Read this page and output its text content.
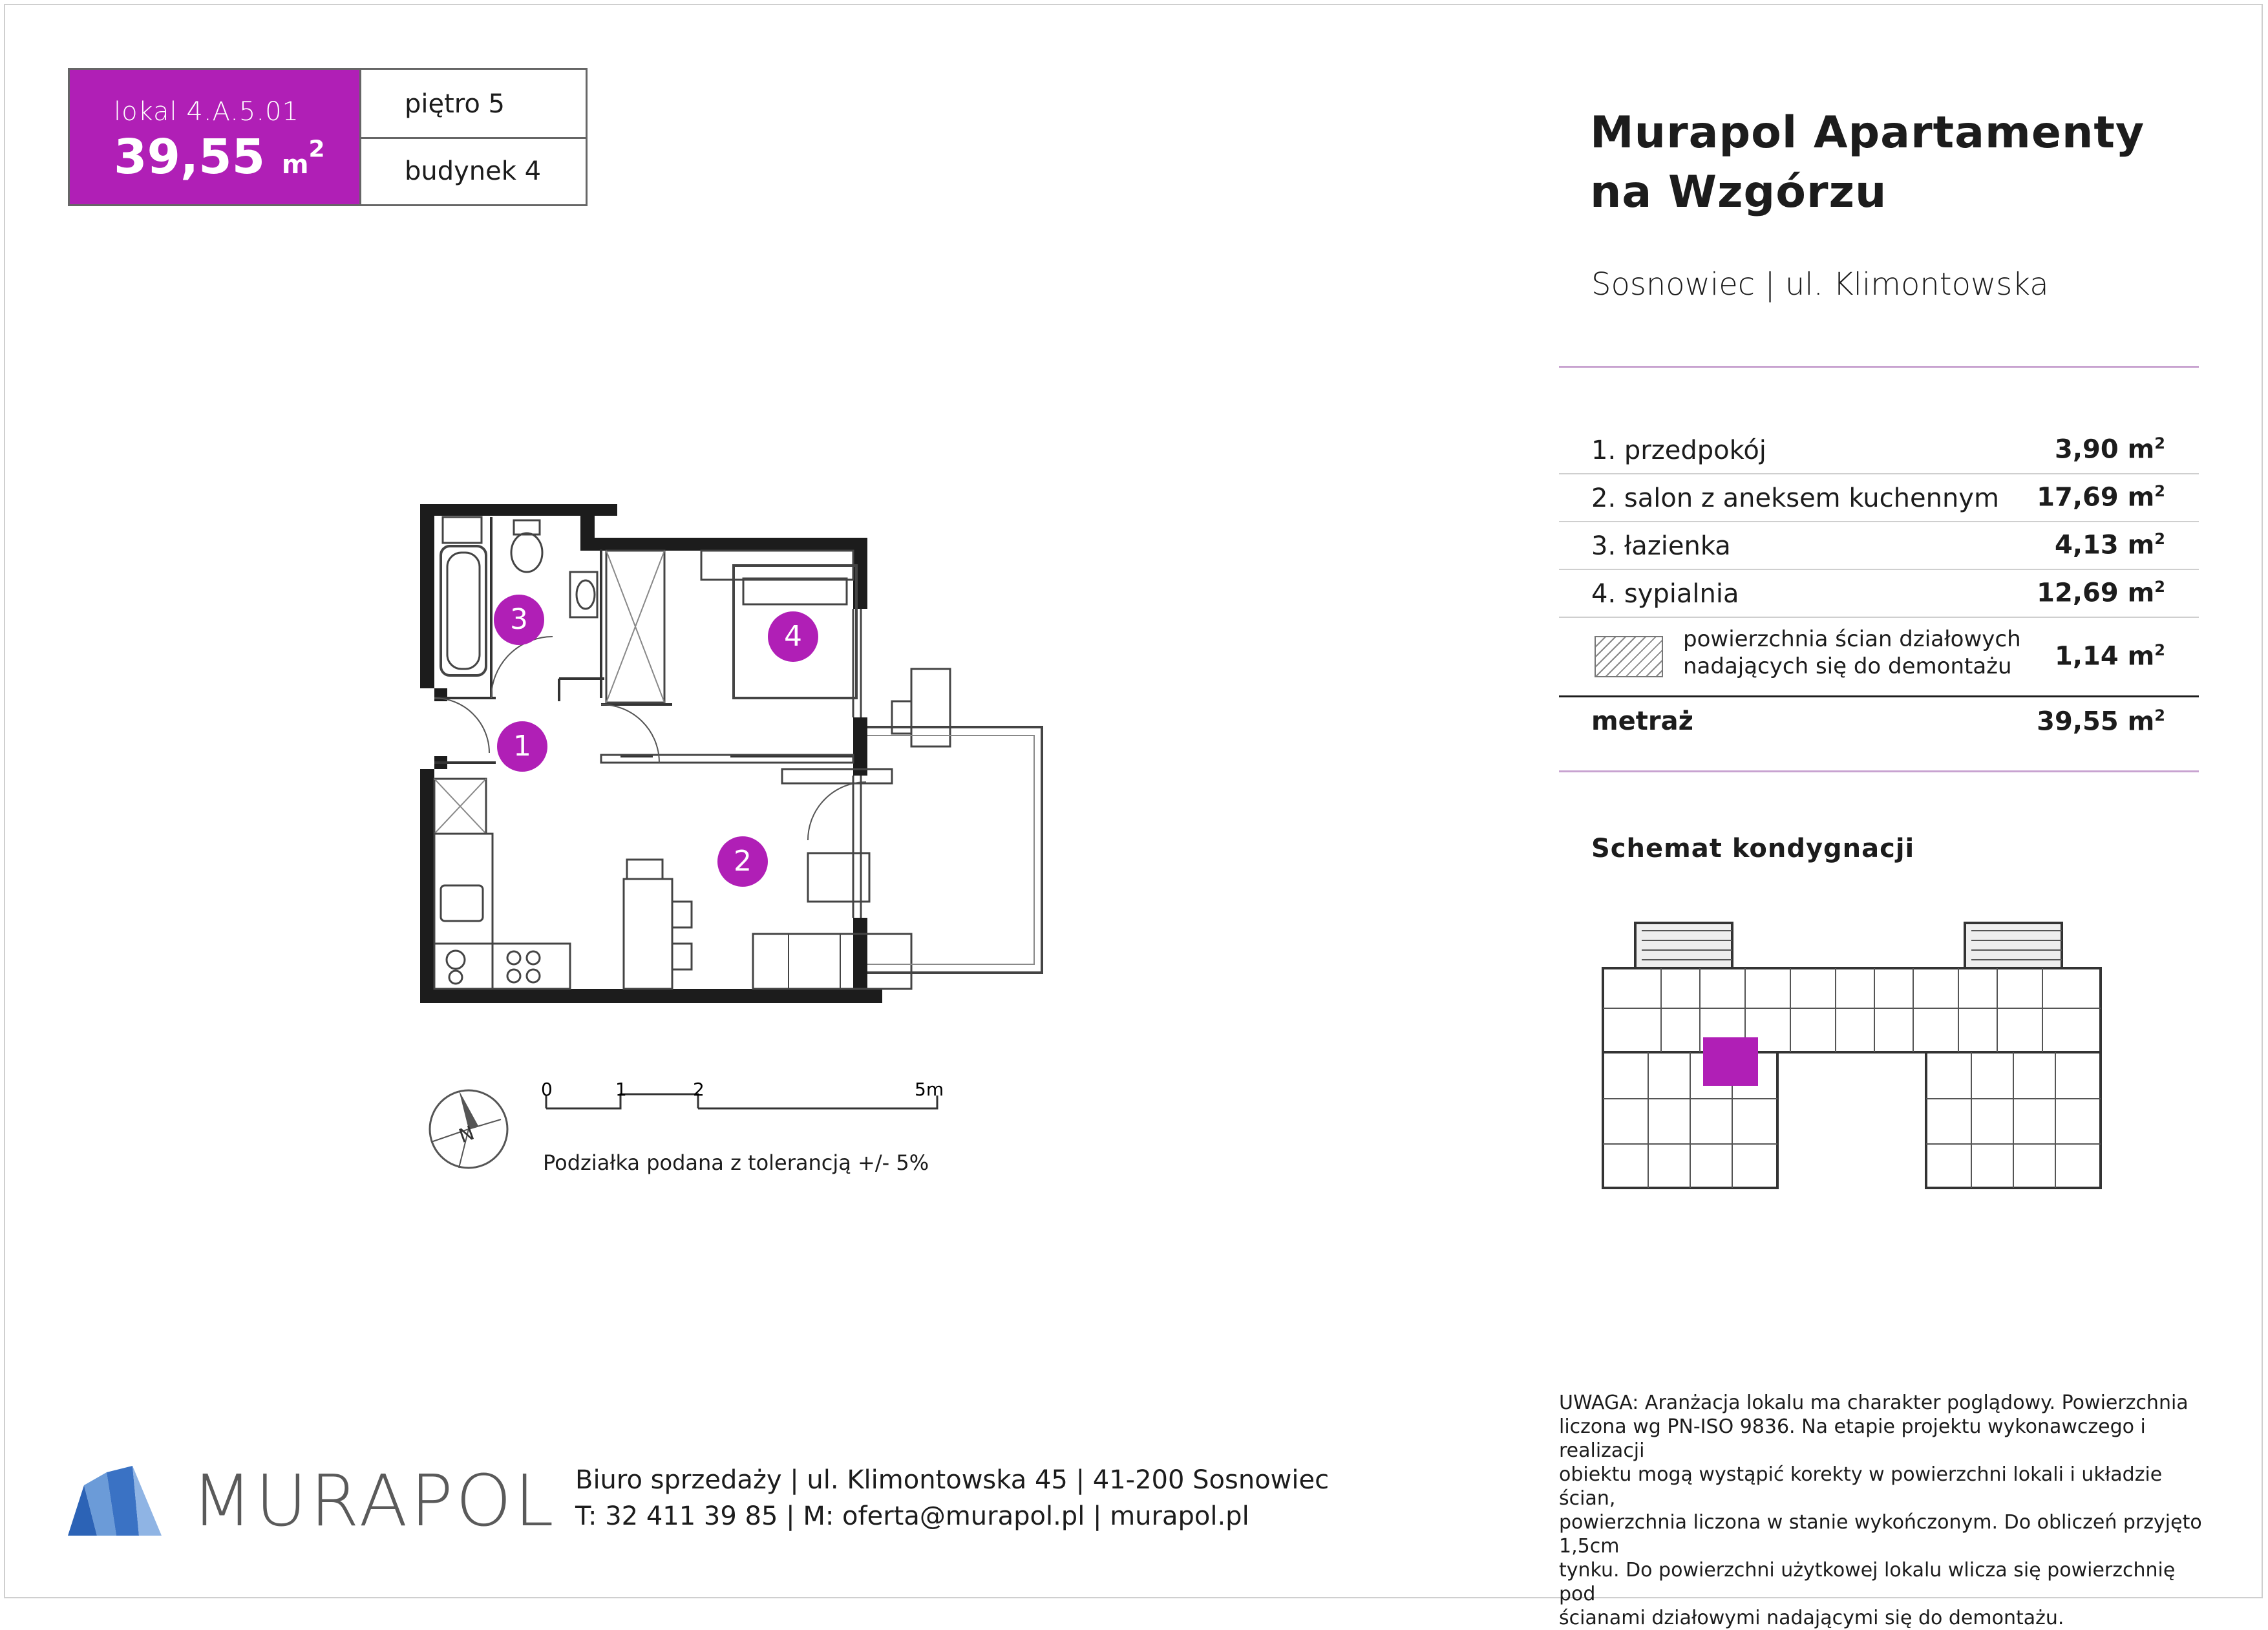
lokal 4.A.5.01
39,55 $m^2$
piętro 5
budynek 4
Murapol Apartamenty
na Wzgórzu
Sosnowiec | ul. Klimontowska
1. przedpokój	3,90 $m^2$
2. salon z aneksem kuchennym 17,69 $m^2$
3. łazienka	4,13 $m^2$
4. sypialnia	12,69 $m^2$
powierzchnia ścian działowych
nadających się do demontażu	1,14 $m^2$
metraż	39,55 $m^2$
Schemat kondygnacji
1
2
3
4
N
0	1	2	5m
Podziałka podana z tolerancją +/- 5%
UWAGA: Aranżacja lokalu ma charakter poglądowy. Powierzchnia
liczona wg PN-ISO 9836. Na etapie projektu wykonawczego i realizacji
obiektu mogą wystąpić korekty w powierzchni lokali i układzie ścian,
powierzchnia liczona w stanie wykończonym. Do obliczeń przyjęto 1,5cm
tynku. Do powierzchni użytkowej lokalu wlicza się powierzchnię pod
ścianami działowymi nadającymi się do demontażu.
MURAPOL Biuro sprzedaży | ul. Klimontowska 45 | 41-200 Sosnowiec
T: 32 411 39 85 | M: oferta@murapol.pl | murapol.pl
